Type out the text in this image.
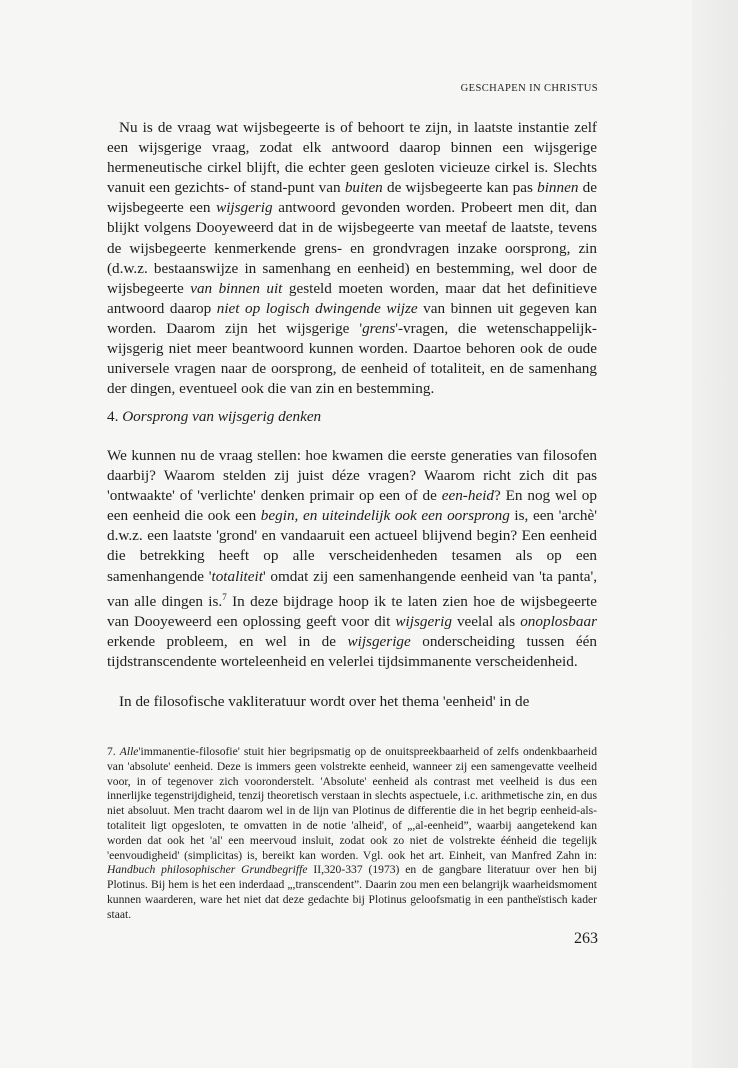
GESCHAPEN IN CHRISTUS

Nu is de vraag wat wijsbegeerte is of behoort te zijn, in laatste instantie zelf een wijsgerige vraag, zodat elk antwoord daarop binnen een wijsgerige hermeneutische cirkel blijft, die echter geen gesloten vicieuze cirkel is. Slechts vanuit een gezichts- of stand-punt van buiten de wijsbegeerte kan pas binnen de wijsbegeerte een wijsgerig antwoord gevonden worden. Probeert men dit, dan blijkt volgens Dooyeweerd dat in de wijsbegeerte van meetaf de laatste, tevens de wijsbegeerte kenmerkende grens- en grondvragen inzake oorsprong, zin (d.w.z. bestaanswijze in samenhang en eenheid) en bestemming, wel door de wijsbegeerte van binnen uit gesteld moeten worden, maar dat het definitieve antwoord daarop niet op logisch dwingende wijze van binnen uit gegeven kan worden. Daarom zijn het wijsgerige 'grens'-vragen, die wetenschappelijk-wijsgerig niet meer beantwoord kunnen worden. Daartoe behoren ook de oude universele vragen naar de oorsprong, de eenheid of totaliteit, en de samenhang der dingen, eventueel ook die van zin en bestemming.

4. Oorsprong van wijsgerig denken

We kunnen nu de vraag stellen: hoe kwamen die eerste generaties van filosofen daarbij? Waarom stelden zij juist déze vragen? Waarom richt zich dit pas 'ontwaakte' of 'verlichte' denken primair op een of de een-heid? En nog wel op een eenheid die ook een begin, en uiteindelijk ook een oorsprong is, een 'archè' d.w.z. een laatste 'grond' en vandaaruit een actueel blijvend begin? Een eenheid die betrekking heeft op alle verscheidenheden tesamen als op een samenhangende 'totaliteit' omdat zij een samenhangende eenheid van 'ta panta', van alle dingen is.$^7$ In deze bijdrage hoop ik te laten zien hoe de wijsbegeerte van Dooyeweerd een oplossing geeft voor dit wijsgerig veelal als onoplosbaar erkende probleem, en wel in de wijsgerige onderscheiding tussen één tijdstranscendente worteleenheid en velerlei tijdsimmanente verscheidenheid.

In de filosofische vakliteratuur wordt over het thema 'eenheid' in de

7. Alle'immanentie-filosofie' stuit hier begripsmatig op de onuitspreekbaarheid of zelfs ondenkbaarheid van 'absolute' eenheid. Deze is immers geen volstrekte eenheid, wanneer zij een samengevatte veelheid voor, in of tegenover zich vooronderstelt. 'Absolute' eenheid als contrast met veelheid is dus een innerlijke tegenstrijdigheid, tenzij theoretisch verstaan in slechts aspectuele, i.c. arithmetische zin, en dus niet absoluut. Men tracht daarom wel in de lijn van Plotinus de differentie die in het begrip eenheid-als-totaliteit ligt opgesloten, te omvatten in de notie 'alheid', of „,al-eenheid”, waarbij aangetekend kan worden dat ook het 'al' een meervoud insluit, zodat ook zo niet de volstrekte éénheid die tegelijk 'eenvoudigheid' (simplicitas) is, bereikt kan worden. Vgl. ook het art. Einheit, van Manfred Zahn in: Handbuch philosophischer Grundbegriffe II,320-337 (1973) en de gangbare literatuur over hen bij Plotinus. Bij hem is het een inderdaad „,transcendent”. Daarin zou men een belangrijk waarheidsmoment kunnen waarderen, ware het niet dat deze gedachte bij Plotinus geloofsmatig in een pantheïstisch kader staat.

263
